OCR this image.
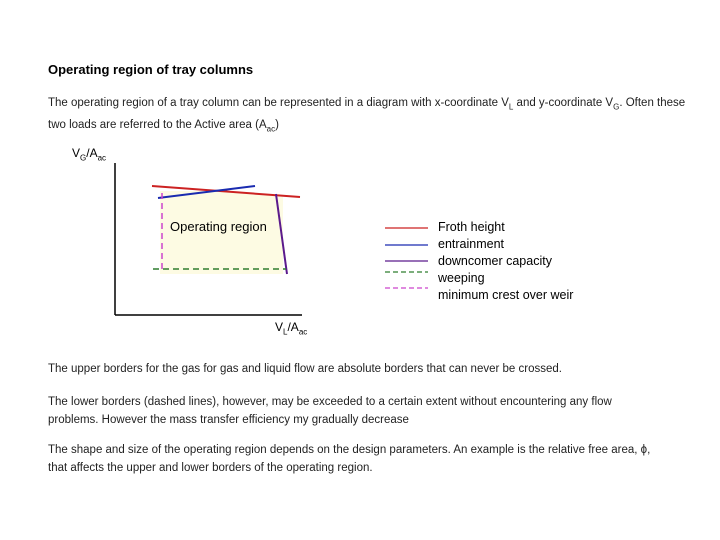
Operating region of tray columns
The operating region of a tray column can be represented in a diagram with x-coordinate $V_L$ and y-coordinate $V_G$. Often these two loads are referred to the Active area $(A_{ac})$
$V_G/A_{ac}$
$V_L/A_{ac}$
Operating region	Froth height
entrainment
downcomer capacity
weeping
minimum crest over weir
The upper borders for the gas for gas and liquid flow are absolute borders that can never be crossed.
The lower borders (dashed lines), however, may be exceeded to a certain extent without encountering any flow problems. However the mass transfer efficiency my gradually decrease
The shape and size of the operating region depends on the design parameters. An example is the relative free area, ϕ, that affects the upper and lower borders of the operating region.
